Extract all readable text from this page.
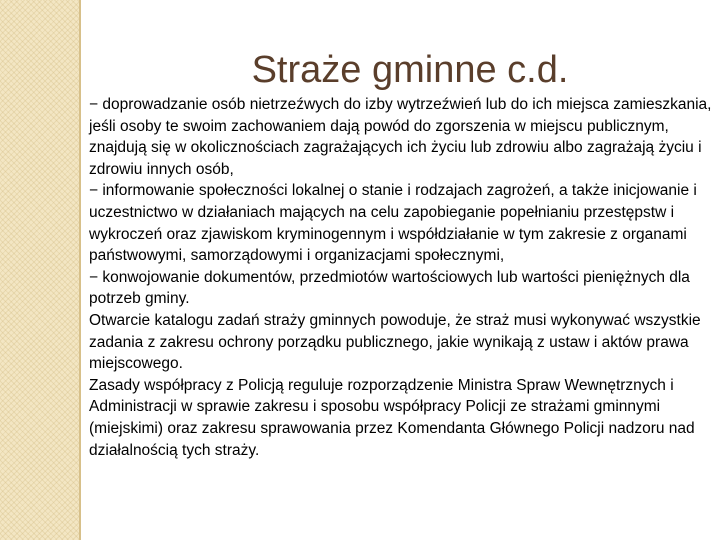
Straże gminne c.d.
− doprowadzanie osób nietrzeźwych do izby wytrzeźwień lub do ich miejsca zamieszkania, jeśli osoby te swoim zachowaniem dają powód do zgorszenia w miejscu publicznym, znajdują się w okolicznościach zagrażających ich życiu lub zdrowiu albo zagrażają życiu i zdrowiu innych osób,
− informowanie społeczności lokalnej o stanie i rodzajach zagrożeń, a także inicjowanie i uczestnictwo w działaniach mających na celu zapobieganie popełnianiu przestępstw i wykroczeń oraz zjawiskom kryminogennym i współdziałanie w tym zakresie z organami państwowymi, samorządowymi i organizacjami społecznymi,
− konwojowanie dokumentów, przedmiotów wartościowych lub wartości pieniężnych dla potrzeb gminy.
Otwarcie katalogu zadań straży gminnych powoduje, że straż musi wykonywać wszystkie zadania z zakresu ochrony porządku publicznego, jakie wynikają z ustaw i aktów prawa miejscowego.
Zasady współpracy z Policją reguluje rozporządzenie Ministra Spraw Wewnętrznych i Administracji w sprawie zakresu i sposobu współpracy Policji ze strażami gminnymi (miejskimi) oraz zakresu sprawowania przez Komendanta Głównego Policji nadzoru nad działalnością tych straży.
